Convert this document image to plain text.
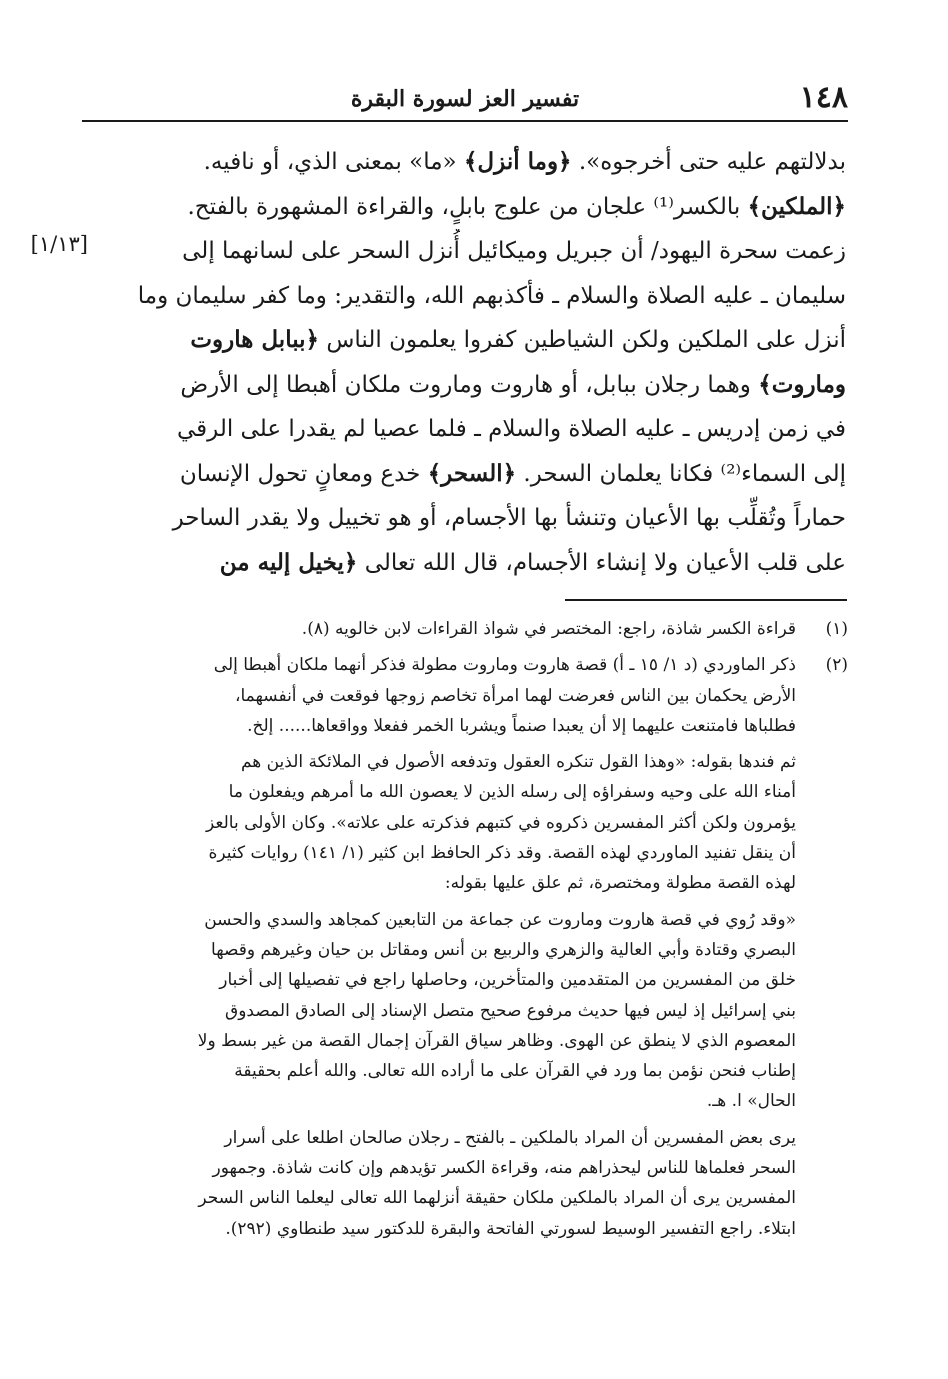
١٤٨
تفسير العز لسورة البقرة
[١/١٣]
بدلالتهم عليه حتى أخرجوه». ﴿وما أنزل﴾ «ما» بمعنى الذي، أو نافيه.
﴿الملكين﴾ بالكسر⁽¹⁾ علجان من علوج بابلٍ، والقراءة المشهورة بالفتح.
زعمت سحرة اليهود/ أن جبريل وميكائيل أُنزل السحر على لسانهما إلى
سليمان ـ عليه الصلاة والسلام ـ فأكذبهم الله، والتقدير: وما كفر سليمان وما
أنزل على الملكين ولكن الشياطين كفروا يعلمون الناس ﴿ببابل هاروت
وماروت﴾ وهما رجلان ببابل، أو هاروت وماروت ملكان أهبطا إلى الأرض
في زمن إدريس ـ عليه الصلاة والسلام ـ فلما عصيا لم يقدرا على الرقي
إلى السماء⁽²⁾ فكانا يعلمان السحر. ﴿السحر﴾ خدع ومعانٍ تحول الإنسان
حماراً وتُقلِّب بها الأعيان وتنشأ بها الأجسام، أو هو تخييل ولا يقدر الساحر
على قلب الأعيان ولا إنشاء الأجسام، قال الله تعالى ﴿يخيل إليه من
(١)
قراءة الكسر شاذة، راجع: المختصر في شواذ القراءات لابن خالويه (٨).
(٢)
ذكر الماوردي (د ١/ ١٥ ـ أ) قصة هاروت وماروت مطولة فذكر أنهما ملكان أهبطا إلى
الأرض يحكمان بين الناس فعرضت لهما امرأة تخاصم زوجها فوقعت في أنفسهما،
فطلباها فامتنعت عليهما إلا أن يعبدا صنماً ويشربا الخمر ففعلا وواقعاها...... إلخ.
ثم فندها بقوله: «وهذا القول تنكره العقول وتدفعه الأصول في الملائكة الذين هم
أمناء الله على وحيه وسفراؤه إلى رسله الذين لا يعصون الله ما أمرهم ويفعلون ما
يؤمرون ولكن أكثر المفسرين ذكروه في كتبهم فذكرته على علاته». وكان الأولى بالعز
أن ينقل تفنيد الماوردي لهذه القصة. وقد ذكر الحافظ ابن كثير (١/ ١٤١) روايات كثيرة
لهذه القصة مطولة ومختصرة، ثم علق عليها بقوله:
«وقد رُوي في قصة هاروت وماروت عن جماعة من التابعين كمجاهد والسدي والحسن
البصري وقتادة وأبي العالية والزهري والربيع بن أنس ومقاتل بن حيان وغيرهم وقصها
خلق من المفسرين من المتقدمين والمتأخرين، وحاصلها راجع في تفصيلها إلى أخبار
بني إسرائيل إذ ليس فيها حديث مرفوع صحيح متصل الإسناد إلى الصادق المصدوق
المعصوم الذي لا ينطق عن الهوى. وظاهر سياق القرآن إجمال القصة من غير بسط ولا
إطناب فنحن نؤمن بما ورد في القرآن على ما أراده الله تعالى. والله أعلم بحقيقة
الحال» ا. هـ.
يرى بعض المفسرين أن المراد بالملكين ـ بالفتح ـ رجلان صالحان اطلعا على أسرار
السحر فعلماها للناس ليحذراهم منه، وقراءة الكسر تؤيدهم وإن كانت شاذة. وجمهور
المفسرين يرى أن المراد بالملكين ملكان حقيقة أنزلهما الله تعالى ليعلما الناس السحر
ابتلاء. راجع التفسير الوسيط لسورتي الفاتحة والبقرة للدكتور سيد طنطاوي (٢٩٢).
